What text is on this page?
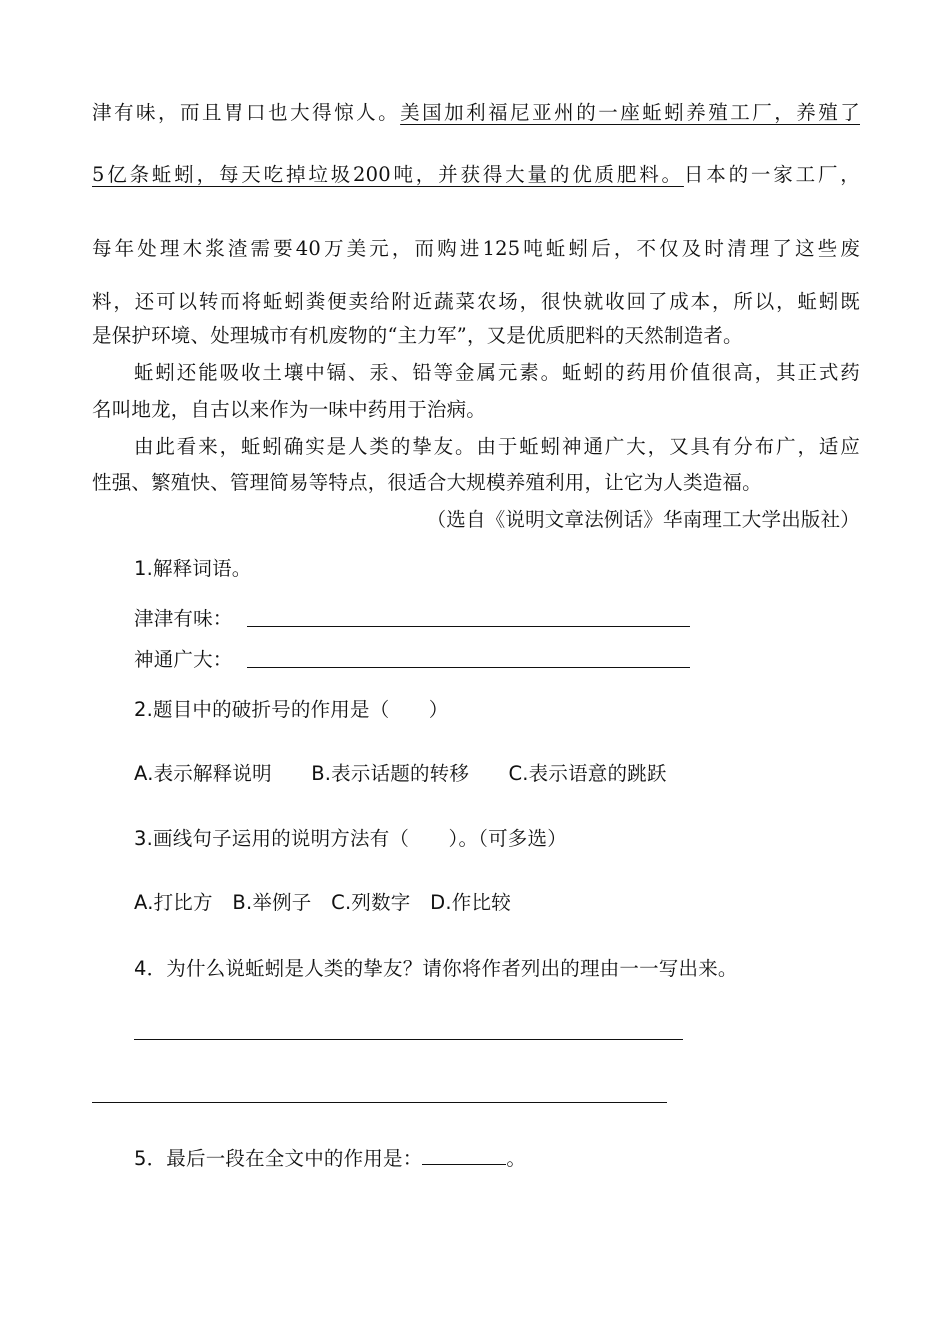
津有味，而且胃口也大得惊人。美国加利福尼亚州的一座蚯蚓养殖工厂，养殖了
5亿条蚯蚓，每天吃掉垃圾200吨，并获得大量的优质肥料。日本的一家工厂，
每年处理木浆渣需要40万美元，而购进125吨蚯蚓后，不仅及时清理了这些废
料，还可以转而将蚯蚓粪便卖给附近蔬菜农场，很快就收回了成本，所以，蚯蚓既
是保护环境、处理城市有机废物的“主力军”，又是优质肥料的天然制造者。
蚯蚓还能吸收土壤中镉、汞、铅等金属元素。蚯蚓的药用价值很高，其正式药
名叫地龙，自古以来作为一味中药用于治病。
由此看来，蚯蚓确实是人类的挚友。由于蚯蚓神通广大，又具有分布广，适应
性强、繁殖快、管理简易等特点，很适合大规模养殖利用，让它为人类造福。
（选自《说明文章法例话》华南理工大学出版社）
1.解释词语。
津津有味：
神通广大：
2.题目中的破折号的作用是（　　）
A.表示解释说明　　B.表示话题的转移　　C.表示语意的跳跃
3.画线句子运用的说明方法有（　　）。（可多选）
A.打比方　B.举例子　C.列数字　D.作比较
4．为什么说蚯蚓是人类的挚友？请你将作者列出的理由一一写出来。
5．最后一段在全文中的作用是：	。
